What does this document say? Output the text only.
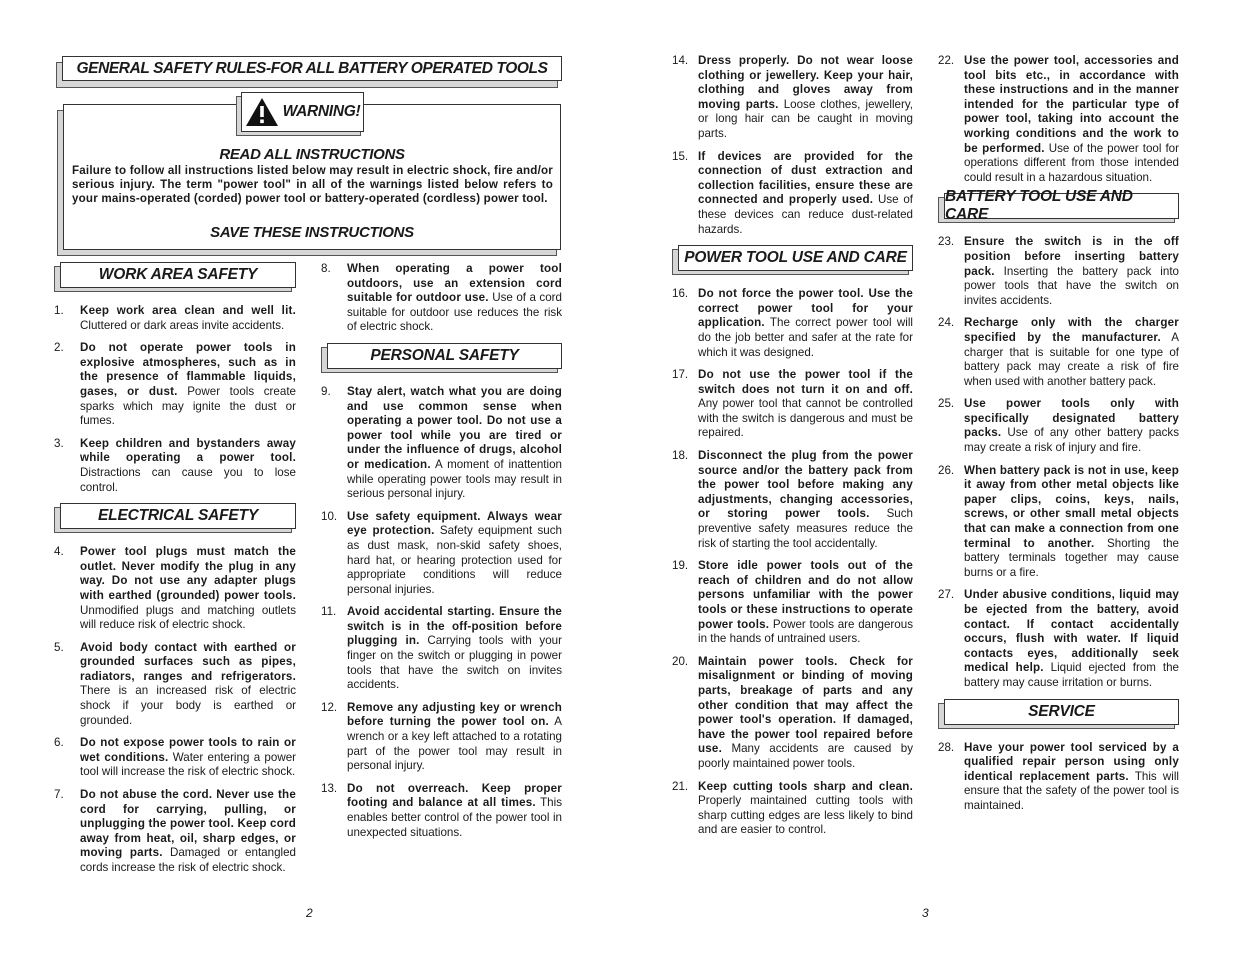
GENERAL SAFETY RULES-FOR ALL BATTERY OPERATED TOOLS
WARNING!
READ ALL INSTRUCTIONS
Failure to follow all instructions listed below may result in electric shock, fire and/or serious injury. The term "power tool" in all of the warnings listed below refers to your mains-operated (corded) power tool or battery-operated (cordless) power tool.
SAVE THESE INSTRUCTIONS
WORK AREA SAFETY
1.	Keep work area clean and well lit. Cluttered or dark areas invite accidents.
2.	Do not operate power tools in explosive atmospheres, such as in the presence of flammable liquids, gases, or dust. Power tools create sparks which may ignite the dust or fumes.
3.	Keep children and bystanders away while operating a power tool. Distractions can cause you to lose control.
ELECTRICAL SAFETY
4.	Power tool plugs must match the outlet. Never modify the plug in any way. Do not use any adapter plugs with earthed (grounded) power tools. Unmodified plugs and matching outlets will reduce risk of electric shock.
5.	Avoid body contact with earthed or grounded surfaces such as pipes, radiators, ranges and refrigerators. There is an increased risk of electric shock if your body is earthed or grounded.
6.	Do not expose power tools to rain or wet conditions. Water entering a power tool will increase the risk of electric shock.
7.	Do not abuse the cord. Never use the cord for carrying, pulling, or unplugging the power tool. Keep cord away from heat, oil, sharp edges, or moving parts. Damaged or entangled cords increase the risk of electric shock.
8.	When operating a power tool outdoors, use an extension cord suitable for outdoor use. Use of a cord suitable for outdoor use reduces the risk of electric shock.
PERSONAL SAFETY
9.	Stay alert, watch what you are doing and use common sense when operating a power tool. Do not use a power tool while you are tired or under the influence of drugs, alcohol or medication. A moment of inattention while operating power tools may result in serious personal injury.
10. Use safety equipment. Always wear eye protection. Safety equipment such as dust mask, non-skid safety shoes, hard hat, or hearing protection used for appropriate conditions will reduce personal injuries.
11. Avoid accidental starting. Ensure the switch is in the off-position before plugging in. Carrying tools with your finger on the switch or plugging in power tools that have the switch on invites accidents.
12. Remove any adjusting key or wrench before turning the power tool on. A wrench or a key left attached to a rotating part of the power tool may result in personal injury.
13. Do not overreach. Keep proper footing and balance at all times. This enables better control of the power tool in unexpected situations.
14. Dress properly. Do not wear loose clothing or jewellery. Keep your hair, clothing and gloves away from moving parts. Loose clothes, jewellery, or long hair can be caught in moving parts.
15. If devices are provided for the connection of dust extraction and collection facilities, ensure these are connected and properly used. Use of these devices can reduce dust-related hazards.
POWER TOOL USE AND CARE
16. Do not force the power tool. Use the correct power tool for your application. The correct power tool will do the job better and safer at the rate for which it was designed.
17. Do not use the power tool if the switch does not turn it on and off. Any power tool that cannot be controlled with the switch is dangerous and must be repaired.
18. Disconnect the plug from the power source and/or the battery pack from the power tool before making any adjustments, changing accessories, or storing power tools. Such preventive safety measures reduce the risk of starting the tool accidentally.
19. Store idle power tools out of the reach of children and do not allow persons unfamiliar with the power tools or these instructions to operate power tools. Power tools are dangerous in the hands of untrained users.
20. Maintain power tools. Check for misalignment or binding of moving parts, breakage of parts and any other condition that may affect the power tool's operation. If damaged, have the power tool repaired before use. Many accidents are caused by poorly maintained power tools.
21. Keep cutting tools sharp and clean. Properly maintained cutting tools with sharp cutting edges are less likely to bind and are easier to control.
22. Use the power tool, accessories and tool bits etc., in accordance with these instructions and in the manner intended for the particular type of power tool, taking into account the working conditions and the work to be performed. Use of the power tool for operations different from those intended could result in a hazardous situation.
BATTERY TOOL USE AND CARE
23. Ensure the switch is in the off position before inserting battery pack. Inserting the battery pack into power tools that have the switch on invites accidents.
24. Recharge only with the charger specified by the manufacturer. A charger that is suitable for one type of battery pack may create a risk of fire when used with another battery pack.
25. Use power tools only with specifically designated battery packs. Use of any other battery packs may create a risk of injury and fire.
26. When battery pack is not in use, keep it away from other metal objects like paper clips, coins, keys, nails, screws, or other small metal objects that can make a connection from one terminal to another. Shorting the battery terminals together may cause burns or a fire.
27. Under abusive conditions, liquid may be ejected from the battery, avoid contact. If contact accidentally occurs, flush with water. If liquid contacts eyes, additionally seek medical help. Liquid ejected from the battery may cause irritation or burns.
SERVICE
28. Have your power tool serviced by a qualified repair person using only identical replacement parts. This will ensure that the safety of the power tool is maintained.
2	3
